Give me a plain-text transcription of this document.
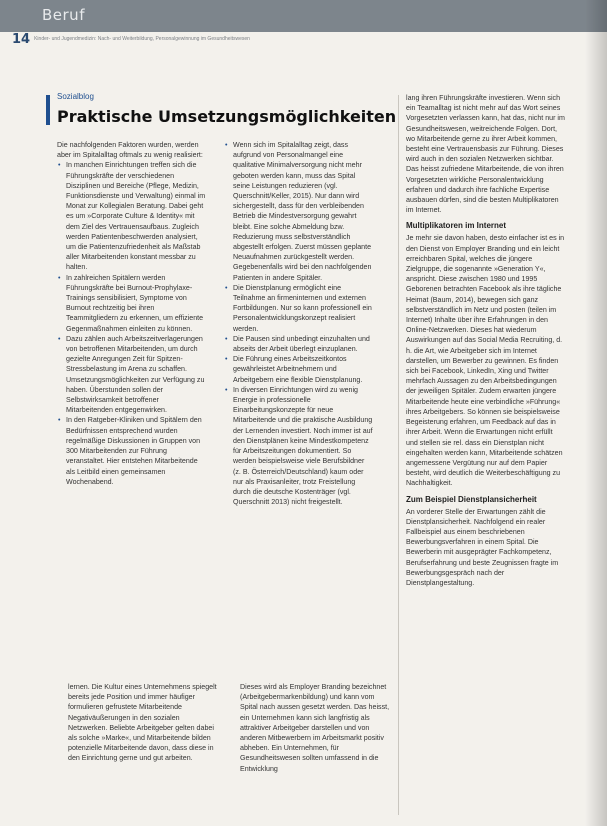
Beruf
14 Kinder- und Jugendmedizin: Nach- und Weiterbildung, Personalgewinnung im Gesundheitswesen
Sozialblog
Praktische Umsetzungsmöglichkeiten

Die nachfolgenden Faktoren wurden, werden aber im Spitalalltag oftmals zu wenig realisiert:

• In manchen Einrichtungen treffen sich die Führungskräfte der verschiedenen Disziplinen und Bereiche (Pflege, Medizin, Funktionsdienste und Verwaltung) einmal im Monat zur Kollegialen Beratung. Dabei geht es um »Corporate Culture & Identity« mit dem Ziel des Vertrauensaufbaus. Zugleich werden Patientenbeschwerden analysiert, um die Patientenzufriedenheit als Maßstab aller Mitarbeitenden konstant messbar zu halten.
• In zahlreichen Spitälern werden Führungskräfte bei Burnout-Prophylaxe-Trainings sensibilisiert, Symptome von Burnout rechtzeitig bei ihren Teammitgliedern zu erkennen, um effiziente Gegenmaßnahmen einleiten zu können.
• Dazu zählen auch Arbeitszeitverlagerungen von betroffenen Mitarbeitenden, um durch gezielte Anregungen Zeit für Spitzen-Stressbelastung im Arena zu schaffen. Umsetzungsmöglichkeiten zur Verfügung zu haben. Überstunden sollen der Selbstwirksamkeit betroffener Mitarbeitenden entgegenwirken.
• In den Ratgeber-Kliniken und Spitälern den Bedürfnissen entsprechend wurden regelmäßige Diskussionen in Gruppen von 300 Mitarbeitenden zur Führung veranstaltet. Hier entstehen Mitarbeitende als Leitbild einen gemeinsamen Wochenabend.
• Wenn sich im Spitalalltag zeigt, dass aufgrund von Personalmangel eine qualitative Minimalversorgung nicht mehr geboten werden kann, muss das Spital seine Leistungen reduzieren (vgl. Querschnitt/Keller, 2015). Nur dann wird sichergestellt, dass für den verbleibenden Betrieb die Mindestversorgung gewahrt bleibt. Eine solche Abmeldung bzw. Reduzierung muss selbstverständlich abgestellt erfolgen. Zuerst müssen geplante Neuaufnahmen zurückgestellt werden. Gegebenenfalls wird bei den nachfolgenden Patienten in andere Spitäler.
• Die Dienstplanung ermöglicht eine Teilnahme an firmeninternen und externen Fortbildungen. Nur so kann professionell ein Personalentwicklungskonzept realisiert werden.
• Die Pausen sind unbedingt einzuhalten und abseits der Arbeit überlegt einzuplanen.
• Die Führung eines Arbeitszeitkontos gewährleistet Arbeitnehmern und Arbeitgebern eine flexible Dienstplanung.
• In diversen Einrichtungen wird zu wenig Energie in professionelle Einarbeitungskonzepte für neue Mitarbeitende und die praktische Ausbildung der Lernenden investiert. Noch immer ist auf den Dienstplänen keine Mindestkompetenz für Arbeitszeitungen dokumentiert. So werden beispielsweise viele Berufsbildner (z. B. Österreich/Deutschland) kaum oder nur als Praxisanleiter, trotz Freistellung durch die deutsche Kostenträger (vgl. Querschnitt 2013) nicht freigestellt.

lang ihren Führungskräfte investieren. Wenn sich ein Teamalltag ist nicht mehr auf das Wort seines Vorgesetzten verlassen kann, hat das, nicht nur im Gesundheitswesen, weitreichende Folgen. Dort, wo Mitarbeitende gerne zu ihrer Arbeit kommen, besteht eine Vertrauensbasis zur Führung. Dieses wird auch in den sozialen Netzwerken sichtbar. Das heisst zufriedene Mitarbeitende, die von ihren Vorgesetzten wirkliche Personalentwicklung erfahren und dadurch ihre fachliche Expertise ausbauen dürfen, sind die besten Multiplikatoren im Internet.

Multiplikatoren im Internet

Je mehr sie davon haben, desto einfacher ist es in den Dienst von Employer Branding und ein leicht erreichbaren Spital, welches die jüngere Zielgruppe, die sogenannte »Generation Y«, anspricht. Diese zwischen 1980 und 1995 Geborenen betrachten Facebook als ihre tägliche Heimat (Baum, 2014), bewegen sich ganz selbstverständlich im Netz und posten (teilen im Internet) Inhalte über ihre Erfahrungen in den Online-Netzwerken. Dieses hat wiederum Auswirkungen auf das Social Media Recruiting, d. h. die Art, wie Arbeitgeber sich im Internet darstellen, um Bewerber zu gewinnen. Es finden sich bei Facebook, LinkedIn, Xing und Twitter mehrfach Aussagen zu den Arbeitsbedingungen der jeweiligen Spitäler. Zudem erwarten jüngere Mitarbeitende heute eine verbindliche »Führung« ihres Arbeitgebers. So können sie beispielsweise Begeisterung erfahren, um Feedback auf das in ihrer Arbeit. Wenn die Erwartungen nicht erfüllt und stellen sie rel. dass ein Dienstplan nicht eingehalten werden kann, Mitarbeitende schätzen angemessene Vergütung nur auf dem Papier besteht, wird deutlich die Weiterbeschäftigung zu Nachhaltigkeit.

Zum Beispiel Dienstplansicherheit

An vorderer Stelle der Erwartungen zählt die Dienstplansicherheit. Nachfolgend ein realer Fallbeispiel aus einem beschriebenen Bewerbungsverfahren in einem Spital. Die Bewerberin mit ausgeprägter Fachkompetenz, Berufserfahrung und beste Zeugnissen fragte im Bewerbungsgespräch nach der Dienstplangestaltung.

lernen. Die Kultur eines Unternehmens spiegelt bereits jede Position und immer häufiger formulieren gefrustete Mitarbeitende Negativäußerungen in den sozialen Netzwerken. Beliebte Arbeitgeber gelten dabei als solche »Marke«, und Mitarbeitende bilden potenzielle Mitarbeitende davon, dass diese in den Einrichtung gerne und gut arbeiten.

Dieses wird als Employer Branding bezeichnet (Arbeitgebermarkenbildung) und kann vom Spital nach aussen gesetzt werden. Das heisst, ein Unternehmen kann sich langfristig als attraktiver Arbeitgeber darstellen und von anderen Mitbewerbern im Arbeitsmarkt positiv abheben. Ein Unternehmen, für Gesundheitswesen sollten umfassend in die Entwicklung
